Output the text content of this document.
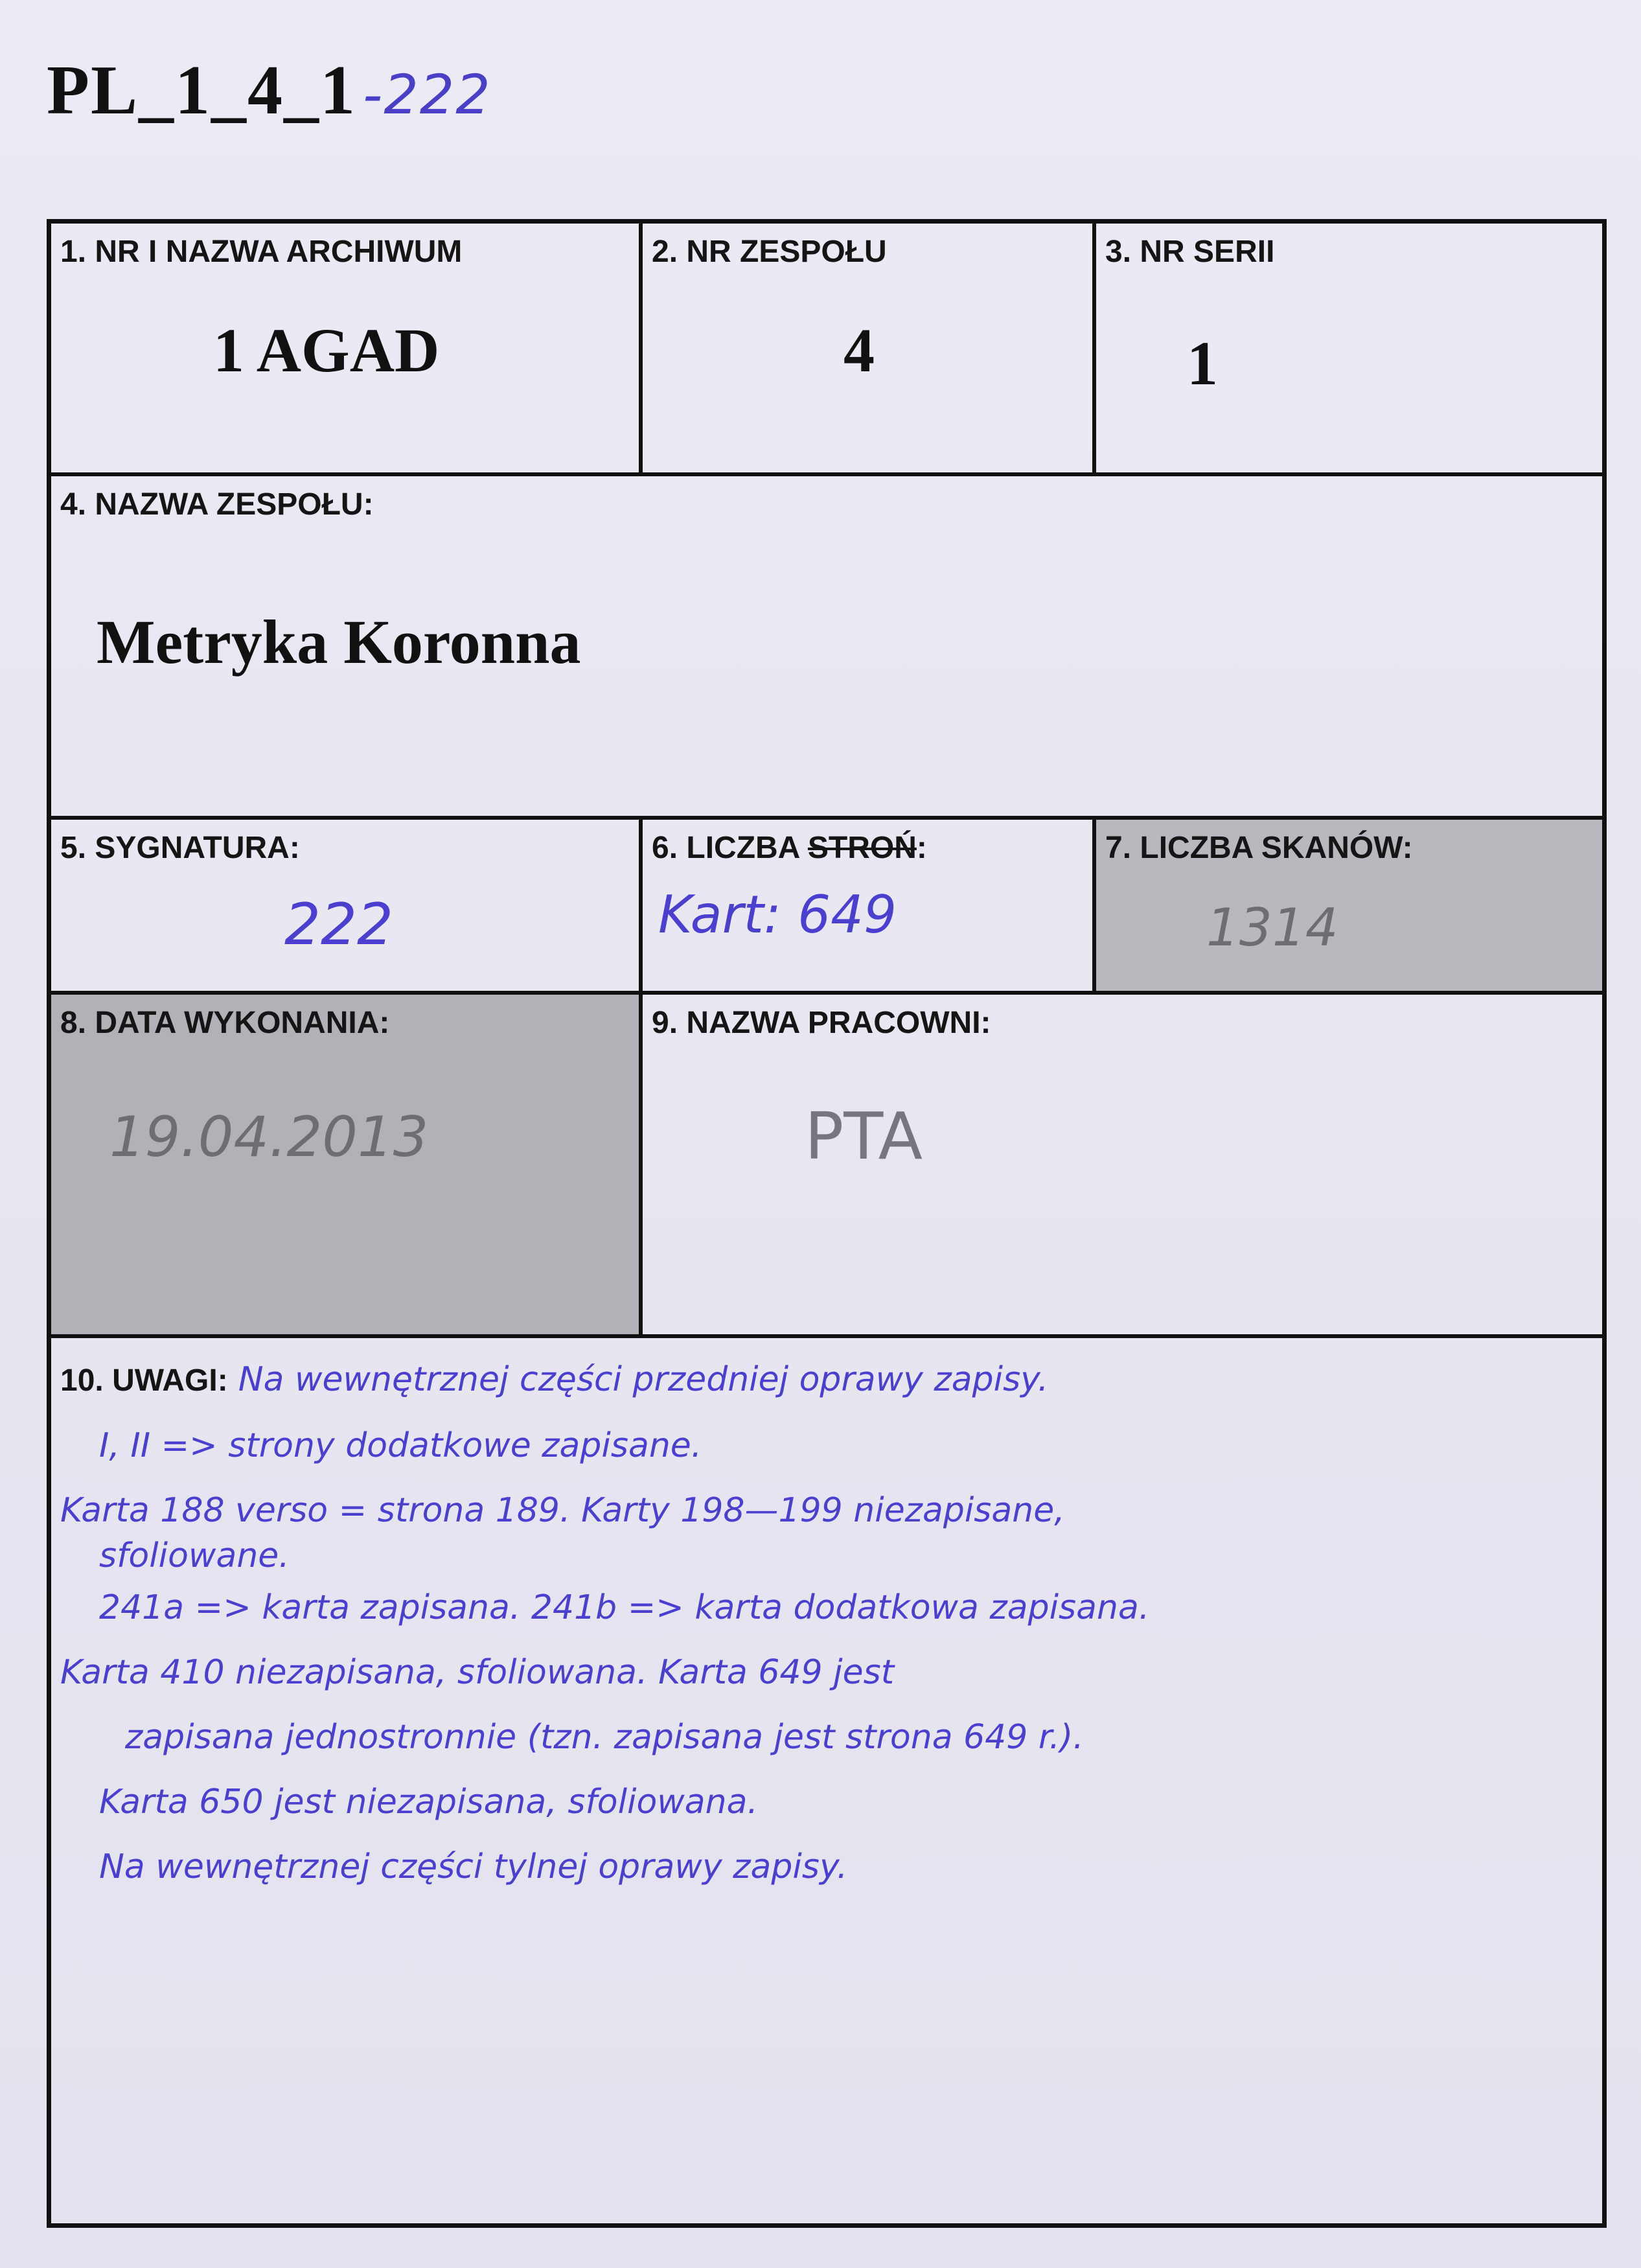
PL_1_4_1 -222
1. NR I NAZWA ARCHIWUM
1 AGAD
2. NR ZESPOŁU
4
3. NR SERII
1
4. NAZWA ZESPOŁU:
Metryka Koronna
5. SYGNATURA:
222
6. LICZBA STROŃ:
Kart: 649
7. LICZBA SKANÓW:
1314
8. DATA WYKONANIA:
19.04.2013
9. NAZWA PRACOWNI:
PTA
10. UWAGI: Na wewnętrznej części przedniej oprawy zapisy.
I, II => strony dodatkowe zapisane.
Karta 188 verso = strona 189. Karty 198—199 niezapisane,
sfoliowane.
241a => karta zapisana. 241b => karta dodatkowa zapisana.
Karta 410 niezapisana, sfoliowana. Karta 649 jest
zapisana jednostronnie (tzn. zapisana jest strona 649 r.).
Karta 650 jest niezapisana, sfoliowana.
Na wewnętrznej części tylnej oprawy zapisy.
